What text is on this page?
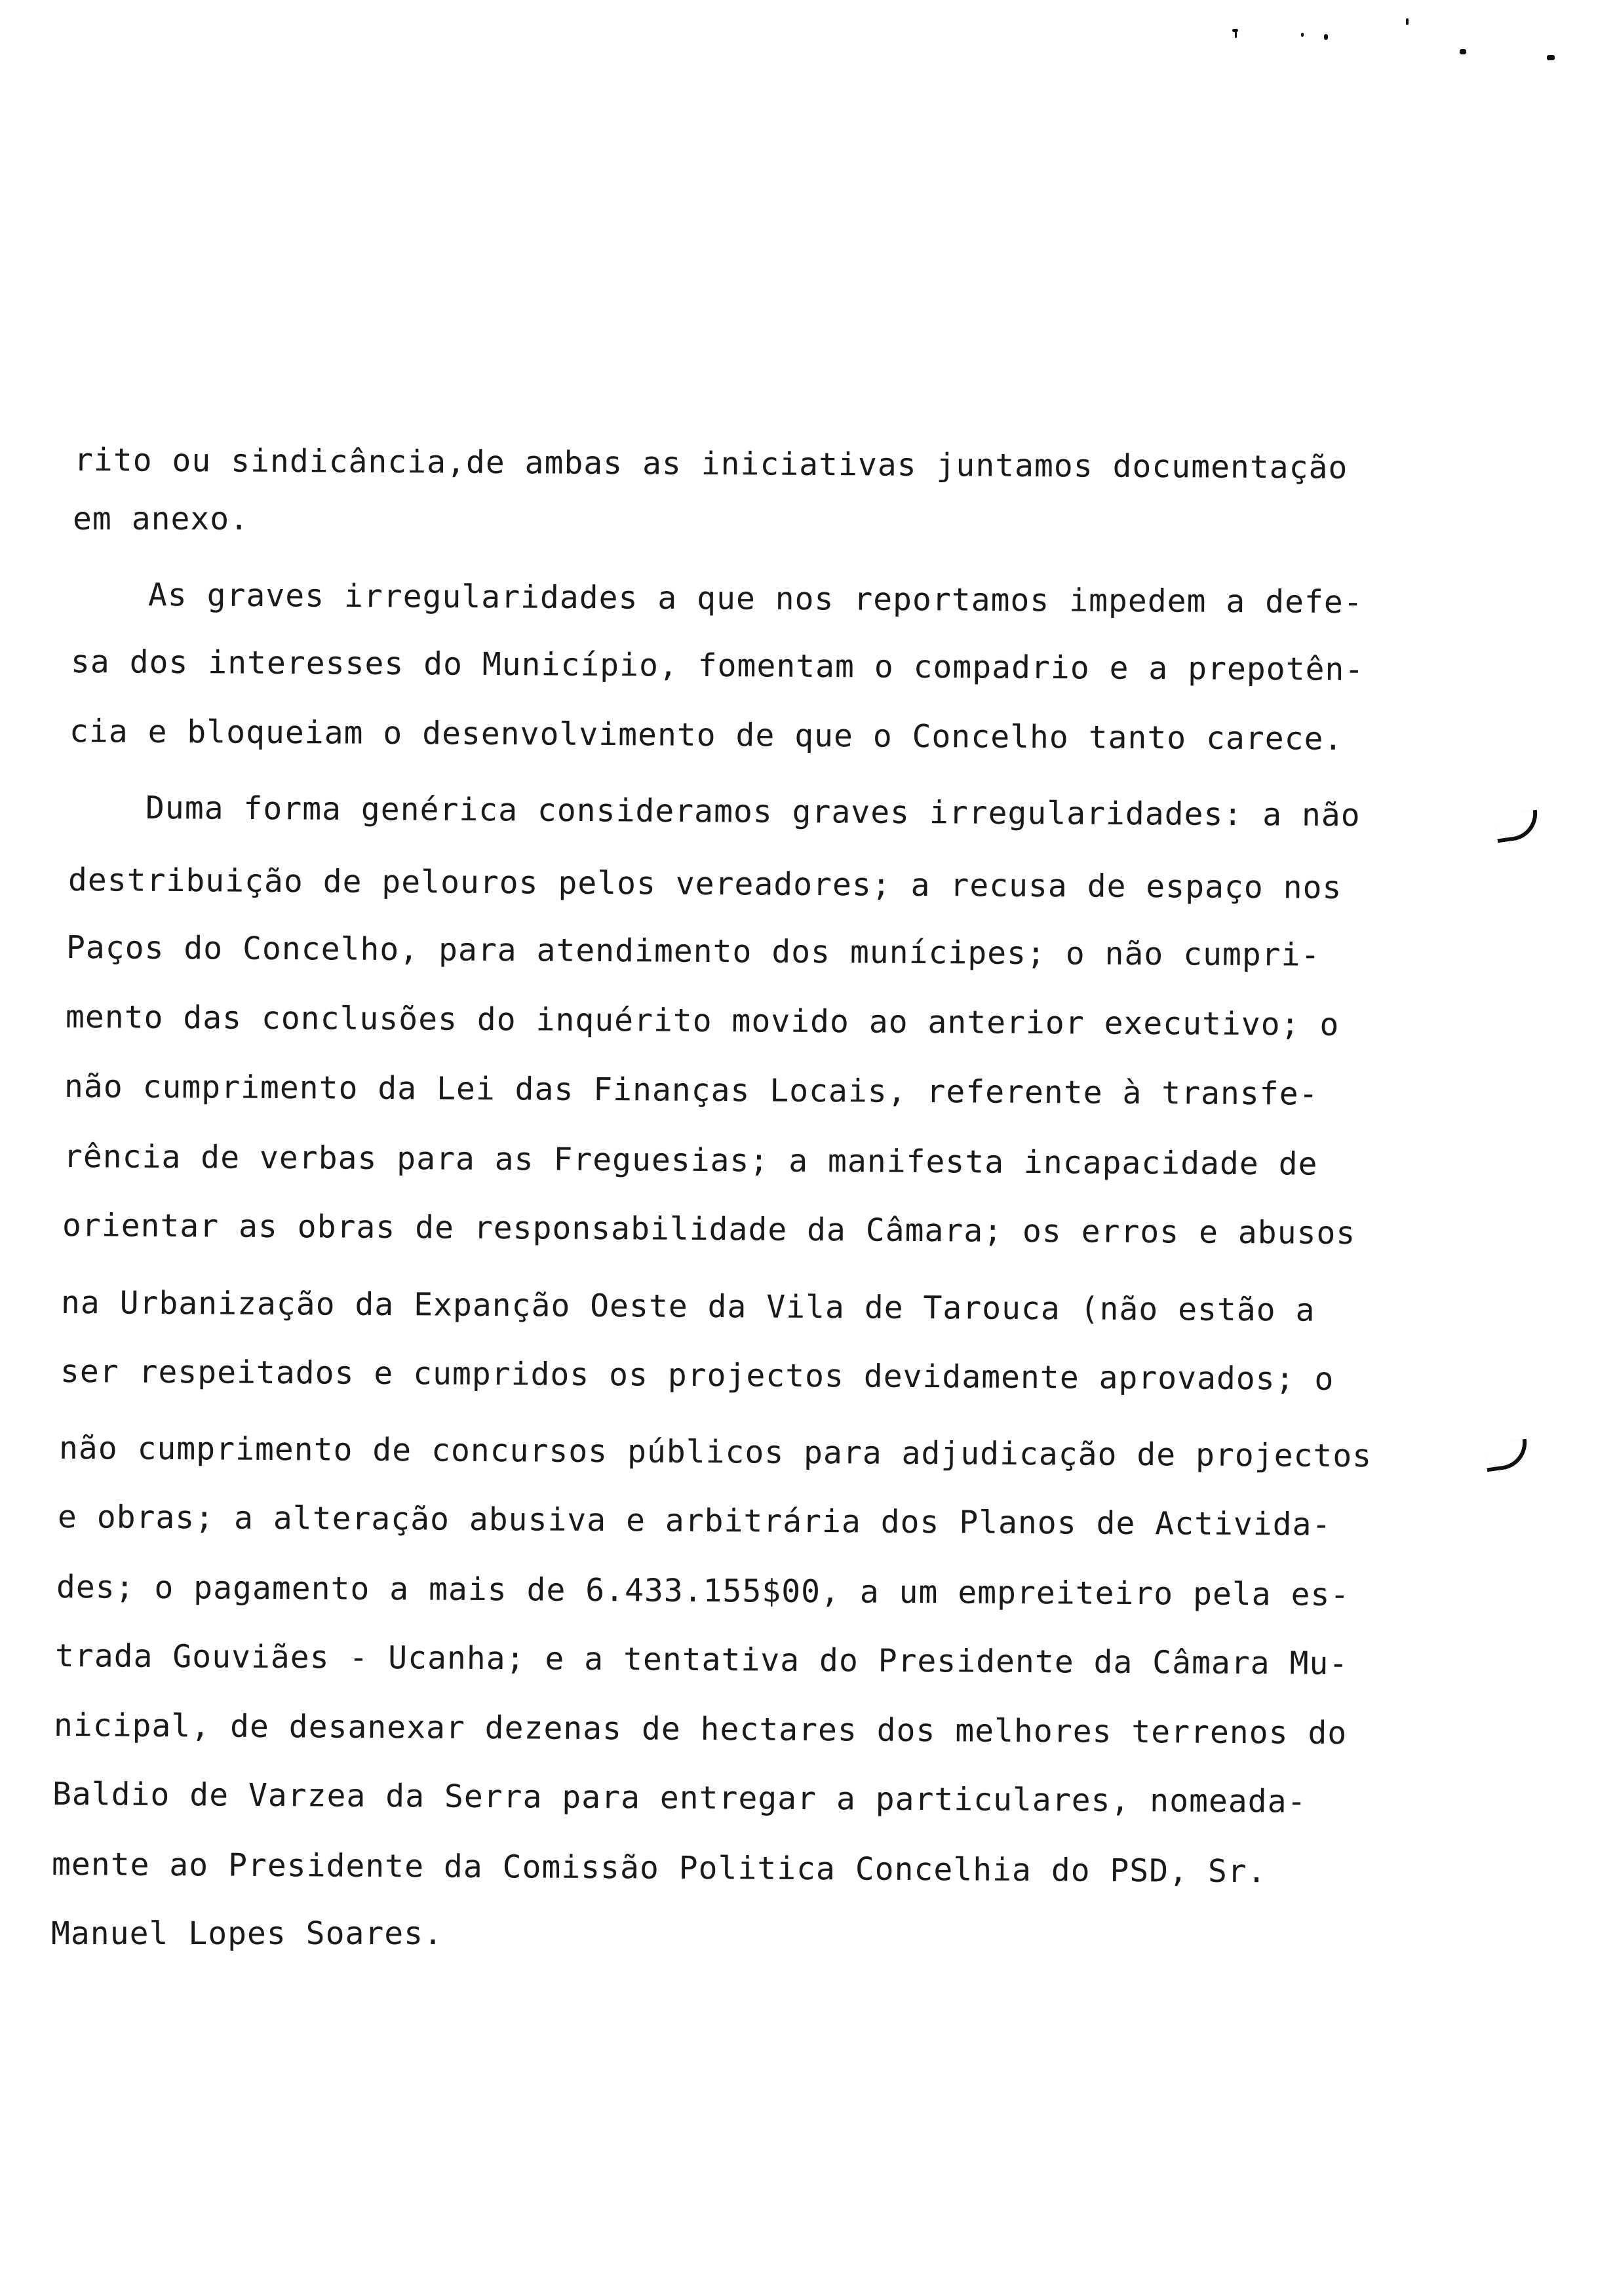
rito ou sindicância,de ambas as iniciativas juntamos documentação
em anexo.
As graves irregularidades a que nos reportamos impedem a defe-
sa dos interesses do Município, fomentam o compadrio e a prepotên-
cia e bloqueiam o desenvolvimento de que o Concelho tanto carece.
Duma forma genérica consideramos graves irregularidades: a não
destribuição de pelouros pelos vereadores; a recusa de espaço nos
Paços do Concelho, para atendimento dos munícipes; o não cumpri-
mento das conclusões do inquérito movido ao anterior executivo; o
não cumprimento da Lei das Finanças Locais, referente à transfe-
rência de verbas para as Freguesias; a manifesta incapacidade de
orientar as obras de responsabilidade da Câmara; os erros e abusos
na Urbanização da Expanção Oeste da Vila de Tarouca (não estão a
ser respeitados e cumpridos os projectos devidamente aprovados; o
não cumprimento de concursos públicos para adjudicação de projectos
e obras; a alteração abusiva e arbitrária dos Planos de Activida-
des; o pagamento a mais de 6.433.155$00, a um empreiteiro pela es-
trada Gouviães - Ucanha; e a tentativa do Presidente da Câmara Mu-
nicipal, de desanexar dezenas de hectares dos melhores terrenos do
Baldio de Varzea da Serra para entregar a particulares, nomeada-
mente ao Presidente da Comissão Politica Concelhia do PSD, Sr.
Manuel Lopes Soares.
